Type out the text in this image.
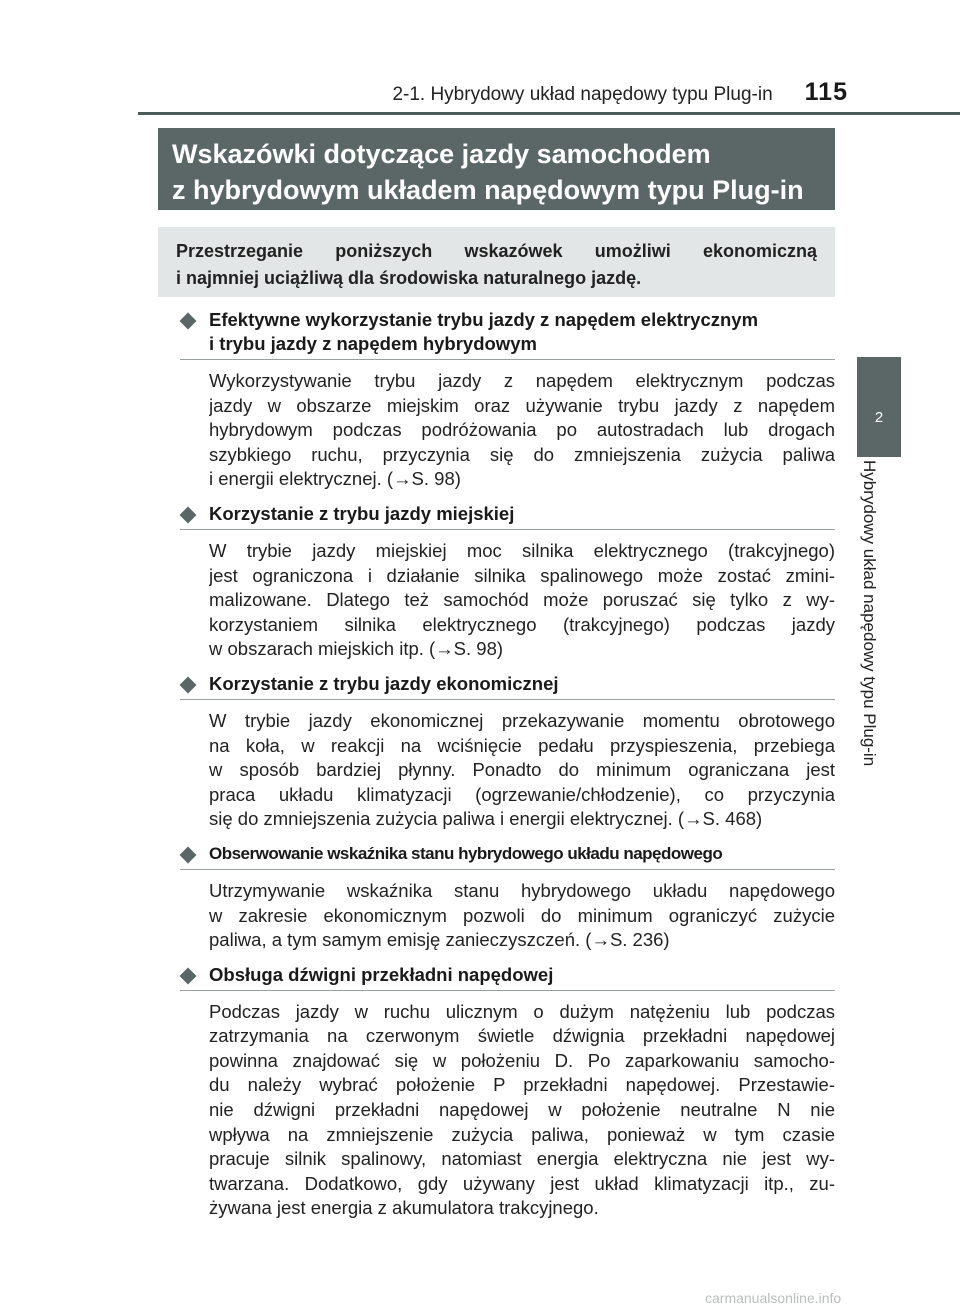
2-1. Hybrydowy układ napędowy typu Plug-in 115
Wskazówki dotyczące jazdy samochodem
z hybrydowym układem napędowym typu Plug-in
Przestrzeganie poniższych wskazówek umożliwi ekonomiczną
i najmniej uciążliwą dla środowiska naturalnego jazdę.
Efektywne wykorzystanie trybu jazdy z napędem elektrycznym
i trybu jazdy z napędem hybrydowym
Wykorzystywanie trybu jazdy z napędem elektrycznym podczas
jazdy w obszarze miejskim oraz używanie trybu jazdy z napędem
hybrydowym podczas podróżowania po autostradach lub drogach
szybkiego ruchu, przyczynia się do zmniejszenia zużycia paliwa
i energii elektrycznej. (→S. 98)
Korzystanie z trybu jazdy miejskiej
W trybie jazdy miejskiej moc silnika elektrycznego (trakcyjnego)
jest ograniczona i działanie silnika spalinowego może zostać zmini-
malizowane. Dlatego też samochód może poruszać się tylko z wy-
korzystaniem silnika elektrycznego (trakcyjnego) podczas jazdy
w obszarach miejskich itp. (→S. 98)
Korzystanie z trybu jazdy ekonomicznej
W trybie jazdy ekonomicznej przekazywanie momentu obrotowego
na koła, w reakcji na wciśnięcie pedału przyspieszenia, przebiega
w sposób bardziej płynny. Ponadto do minimum ograniczana jest
praca układu klimatyzacji (ogrzewanie/chłodzenie), co przyczynia
się do zmniejszenia zużycia paliwa i energii elektrycznej. (→S. 468)
Obserwowanie wskaźnika stanu hybrydowego układu napędowego
Utrzymywanie wskaźnika stanu hybrydowego układu napędowego
w zakresie ekonomicznym pozwoli do minimum ograniczyć zużycie
paliwa, a tym samym emisję zanieczyszczeń. (→S. 236)
Obsługa dźwigni przekładni napędowej
Podczas jazdy w ruchu ulicznym o dużym natężeniu lub podczas
zatrzymania na czerwonym świetle dźwignia przekładni napędowej
powinna znajdować się w położeniu D. Po zaparkowaniu samocho-
du należy wybrać położenie P przekładni napędowej. Przestawie-
nie dźwigni przekładni napędowej w położenie neutralne N nie
wpływa na zmniejszenie zużycia paliwa, ponieważ w tym czasie
pracuje silnik spalinowy, natomiast energia elektryczna nie jest wy-
twarzana. Dodatkowo, gdy używany jest układ klimatyzacji itp., zu-
żywana jest energia z akumulatora trakcyjnego.
2
Hybrydowy układ napędowy typu Plug-in
carmanualsonline.info
